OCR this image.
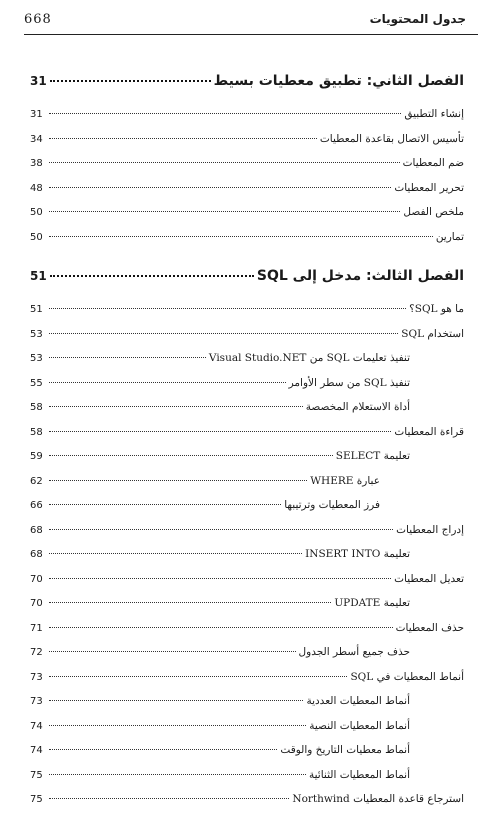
668	جدول المحتويات
الفصل الثاني: تطبيق معطيات بسيط
31
إنشاء التطبيق
31
تأسيس الاتصال بقاعدة المعطيات
34
ضم المعطيات
38
تحرير المعطيات
48
ملخص الفصل
50
تمارين
50
الفصل الثالث: مدخل إلى SQL
51
ما هو SQL؟
51
استخدام SQL
53
تنفيذ تعليمات SQL من Visual Studio.NET
53
تنفيذ SQL من سطر الأوامر
55
أداة الاستعلام المخصصة
58
قراءة المعطيات
58
تعليمة SELECT
59
عبارة WHERE
62
فرز المعطيات وترتيبها
66
إدراج المعطيات
68
تعليمة INSERT INTO
68
تعديل المعطيات
70
تعليمة UPDATE
70
حذف المعطيات
71
حذف جميع أسطر الجدول
72
أنماط المعطيات في SQL
73
أنماط المعطيات العددية
73
أنماط المعطيات النصية
74
أنماط معطيات التاريخ والوقت
74
أنماط المعطيات الثنائية
75
استرجاع قاعدة المعطيات Northwind
75
